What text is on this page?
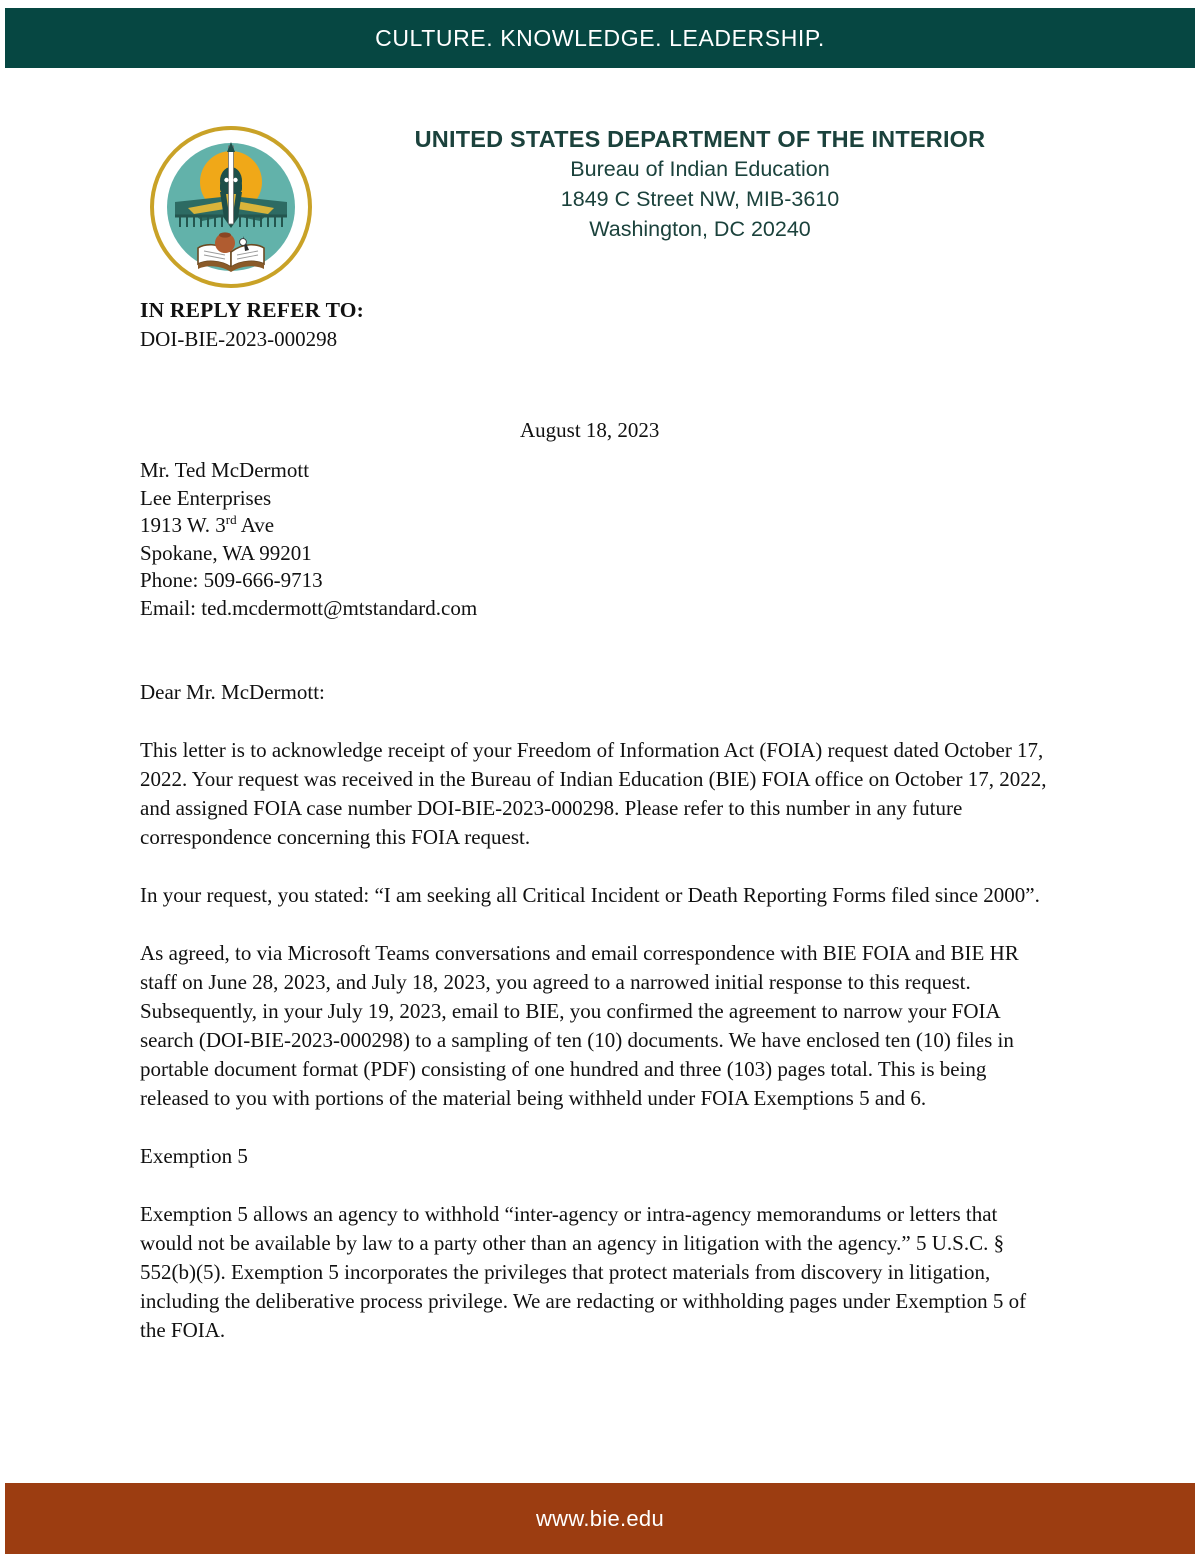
CULTURE. KNOWLEDGE. LEADERSHIP.
UNITED STATES DEPARTMENT OF THE INTERIOR
Bureau of Indian Education
1849 C Street NW, MIB-3610
Washington, DC 20240
IN REPLY REFER TO:
DOI-BIE-2023-000298
August 18, 2023
Mr. Ted McDermott
Lee Enterprises
1913 W. 3rd Ave
Spokane, WA 99201
Phone: 509-666-9713
Email: ted.mcdermott@mtstandard.com
Dear Mr. McDermott:

This letter is to acknowledge receipt of your Freedom of Information Act (FOIA) request dated October 17, 2022. Your request was received in the Bureau of Indian Education (BIE) FOIA office on October 17, 2022, and assigned FOIA case number DOI-BIE-2023-000298. Please refer to this number in any future correspondence concerning this FOIA request.

In your request, you stated: “I am seeking all Critical Incident or Death Reporting Forms filed since 2000”.

As agreed, to via Microsoft Teams conversations and email correspondence with BIE FOIA and BIE HR staff on June 28, 2023, and July 18, 2023, you agreed to a narrowed initial response to this request. Subsequently, in your July 19, 2023, email to BIE, you confirmed the agreement to narrow your FOIA search (DOI-BIE-2023-000298) to a sampling of ten (10) documents. We have enclosed ten (10) files in portable document format (PDF) consisting of one hundred and three (103) pages total. This is being released to you with portions of the material being withheld under FOIA Exemptions 5 and 6.

Exemption 5

Exemption 5 allows an agency to withhold “inter-agency or intra-agency memorandums or letters that would not be available by law to a party other than an agency in litigation with the agency.” 5 U.S.C. § 552(b)(5). Exemption 5 incorporates the privileges that protect materials from discovery in litigation, including the deliberative process privilege. We are redacting or withholding pages under Exemption 5 of the FOIA.

www.bie.edu
